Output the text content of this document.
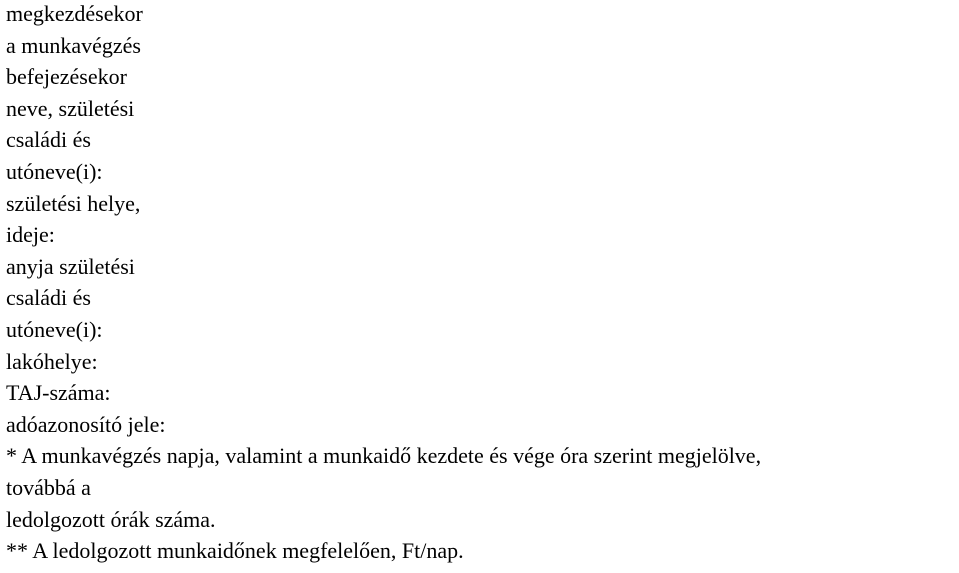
megkezdésekor

a munkavégzés

befejezésekor

neve, születési

családi és

utóneve(i):

születési helye,

ideje:

anyja születési

családi és

utóneve(i):

lakóhelye:

TAJ-száma:

adóazonosító jele:

* A munkavégzés napja, valamint a munkaidő kezdete és vége óra szerint megjelölve,

továbbá a

ledolgozott órák száma.

** A ledolgozott munkaidőnek megfelelően, Ft/nap.
